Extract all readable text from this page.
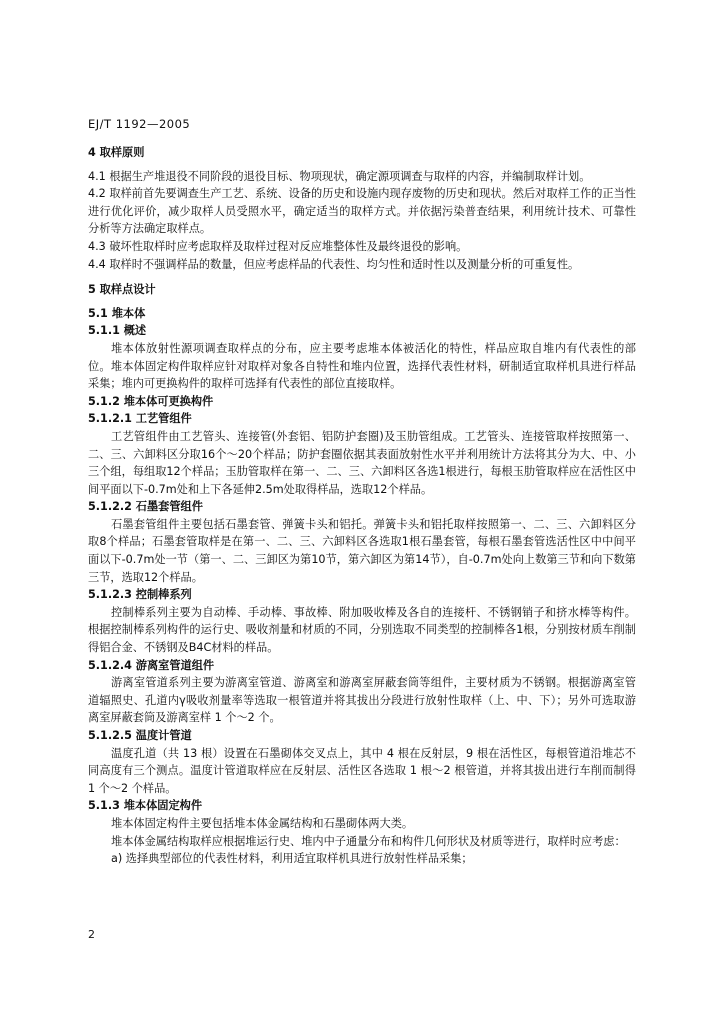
EJ/T 1192—2005

4 取样原则

4.1 根据生产堆退役不同阶段的退役目标、物项现状，确定源项调查与取样的内容，并编制取样计划。

4.2 取样前首先要调查生产工艺、系统、设备的历史和设施内现存废物的历史和现状。然后对取样工作的正当性进行优化评价，减少取样人员受照水平，确定适当的取样方式。并依据污染普查结果，利用统计技术、可靠性分析等方法确定取样点。

4.3 破坏性取样时应考虑取样及取样过程对反应堆整体性及最终退役的影响。

4.4 取样时不强调样品的数量，但应考虑样品的代表性、均匀性和适时性以及测量分析的可重复性。

5 取样点设计

5.1 堆本体

5.1.1 概述

堆本体放射性源项调查取样点的分布，应主要考虑堆本体被活化的特性，样品应取自堆内有代表性的部位。堆本体固定构件取样应针对取样对象各自特性和堆内位置，选择代表性材料，研制适宜取样机具进行样品采集；堆内可更换构件的取样可选择有代表性的部位直接取样。

5.1.2 堆本体可更换构件

5.1.2.1 工艺管组件

工艺管组件由工艺管头、连接管(外套铝、铝防护套圈)及玉肋管组成。工艺管头、连接管取样按照第一、二、三、六卸料区分取16个～20个样品；防护套圈依据其表面放射性水平并利用统计方法将其分为大、中、小三个组，每组取12个样品；玉肋管取样在第一、二、三、六卸料区各选1根进行，每根玉肋管取样应在活性区中间平面以下-0.7m处和上下各延伸2.5m处取得样品，选取12个样品。

5.1.2.2 石墨套管组件

石墨套管组件主要包括石墨套管、弹簧卡头和铝托。弹簧卡头和铝托取样按照第一、二、三、六卸料区分取8个样品；石墨套管取样是在第一、二、三、六卸料区各选取1根石墨套管，每根石墨套管选活性区中中间平面以下-0.7m处一节（第一、二、三卸区为第10节，第六卸区为第14节），自-0.7m处向上数第三节和向下数第三节，选取12个样品。

5.1.2.3 控制棒系列

控制棒系列主要为自动棒、手动棒、事故棒、附加吸收棒及各自的连接杆、不锈钢销子和挤水棒等构件。根据控制棒系列构件的运行史、吸收剂量和材质的不同，分别选取不同类型的控制棒各1根，分别按材质车削制得铝合金、不锈钢及B4C材料的样品。

5.1.2.4 游离室管道组件

游离室管道系列主要为游离室管道、游离室和游离室屏蔽套筒等组件，主要材质为不锈钢。根据游离室管道辐照史、孔道内γ吸收剂量率等选取一根管道并将其拔出分段进行放射性取样（上、中、下）；另外可选取游离室屏蔽套筒及游离室样 1 个～2 个。

5.1.2.5 温度计管道

温度孔道（共 13 根）设置在石墨砌体交叉点上，其中 4 根在反射层，9 根在活性区，每根管道沿堆芯不同高度有三个测点。温度计管道取样应在反射层、活性区各选取 1 根～2 根管道，并将其拔出进行车削而制得 1 个～2 个样品。

5.1.3 堆本体固定构件

堆本体固定构件主要包括堆本体金属结构和石墨砌体两大类。

堆本体金属结构取样应根据堆运行史、堆内中子通量分布和构件几何形状及材质等进行，取样时应考虑：

a) 选择典型部位的代表性材料，利用适宜取样机具进行放射性样品采集；

2
